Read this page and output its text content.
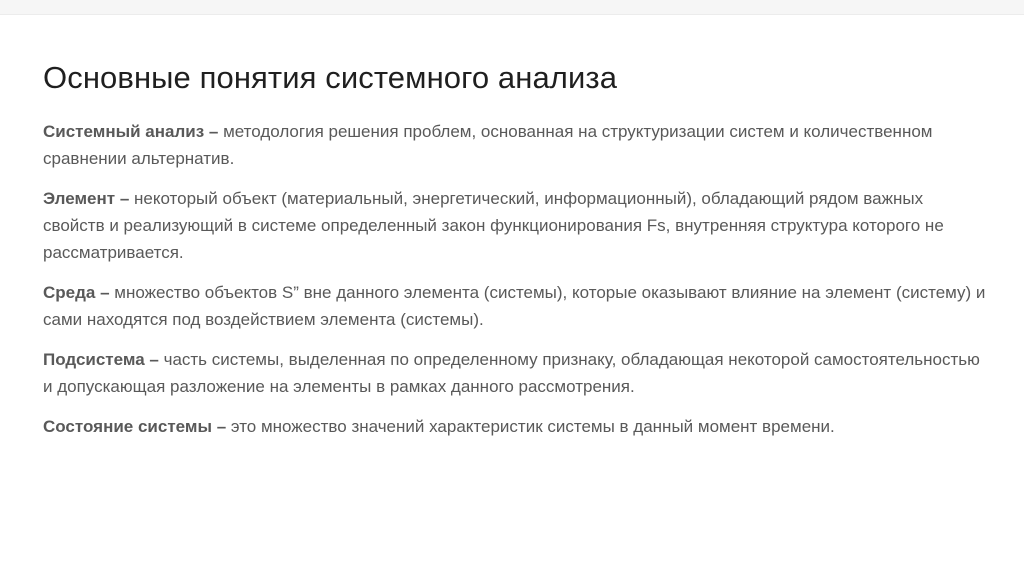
Основные понятия системного анализа

Системный анализ – методология решения проблем, основанная на структуризации систем и количественном сравнении альтернатив.

Элемент – некоторый объект (материальный, энергетический, информационный), обладающий рядом важных свойств и реализующий в системе определенный закон функционирования Fs, внутренняя структура которого не рассматривается.

Среда – множество объектов S” вне данного элемента (системы), которые оказывают влияние на элемент (систему) и сами находятся под воздействием элемента (системы).

Подсистема – часть системы, выделенная по определенному признаку, обладающая некоторой самостоятельностью и допускающая разложение на элементы в рамках данного рассмотрения.

Состояние системы – это множество значений характеристик системы в данный момент времени.
